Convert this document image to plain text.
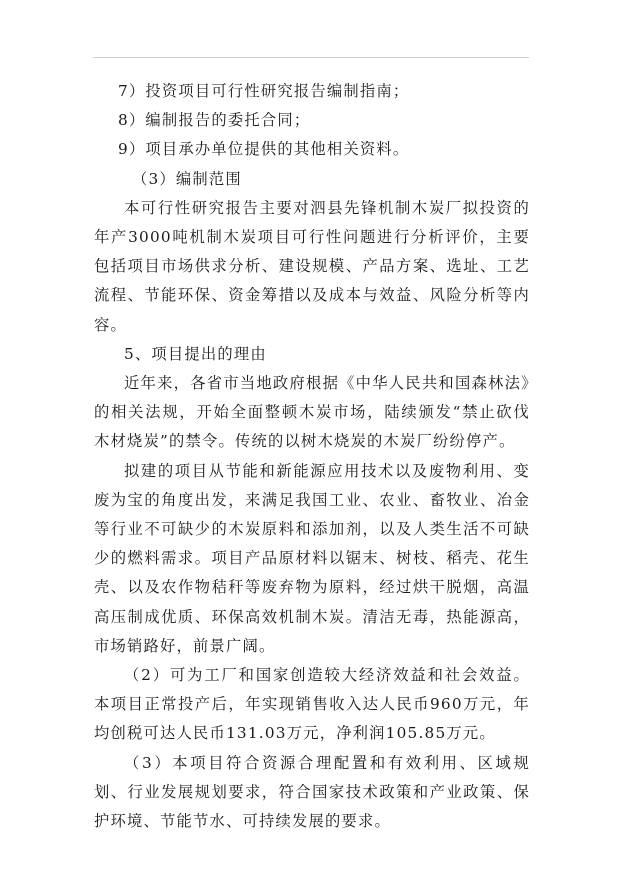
7）投资项目可行性研究报告编制指南；

8）编制报告的委托合同；

9）项目承办单位提供的其他相关资料。

（3）编制范围

本可行性研究报告主要对泗县先锋机制木炭厂拟投资的年产3000吨机制木炭项目可行性问题进行分析评价，主要包括项目市场供求分析、建设规模、产品方案、选址、工艺流程、节能环保、资金筹措以及成本与效益、风险分析等内容。

5、项目提出的理由

近年来，各省市当地政府根据《中华人民共和国森林法》的相关法规，开始全面整顿木炭市场，陆续颁发“禁止砍伐木材烧炭”的禁令。传统的以树木烧炭的木炭厂纷纷停产。

拟建的项目从节能和新能源应用技术以及废物利用、变废为宝的角度出发，来满足我国工业、农业、畜牧业、冶金等行业不可缺少的木炭原料和添加剂，以及人类生活不可缺少的燃料需求。项目产品原材料以锯末、树枝、稻壳、花生壳、以及农作物秸秆等废弃物为原料，经过烘干脱烟，高温高压制成优质、环保高效机制木炭。清洁无毒，热能源高，市场销路好，前景广阔。

（2）可为工厂和国家创造较大经济效益和社会效益。本项目正常投产后，年实现销售收入达人民币960万元，年均创税可达人民币131.03万元，净利润105.85万元。

（3）本项目符合资源合理配置和有效利用、区域规划、行业发展规划要求，符合国家技术政策和产业政策、保护环境、节能节水、可持续发展的要求。
